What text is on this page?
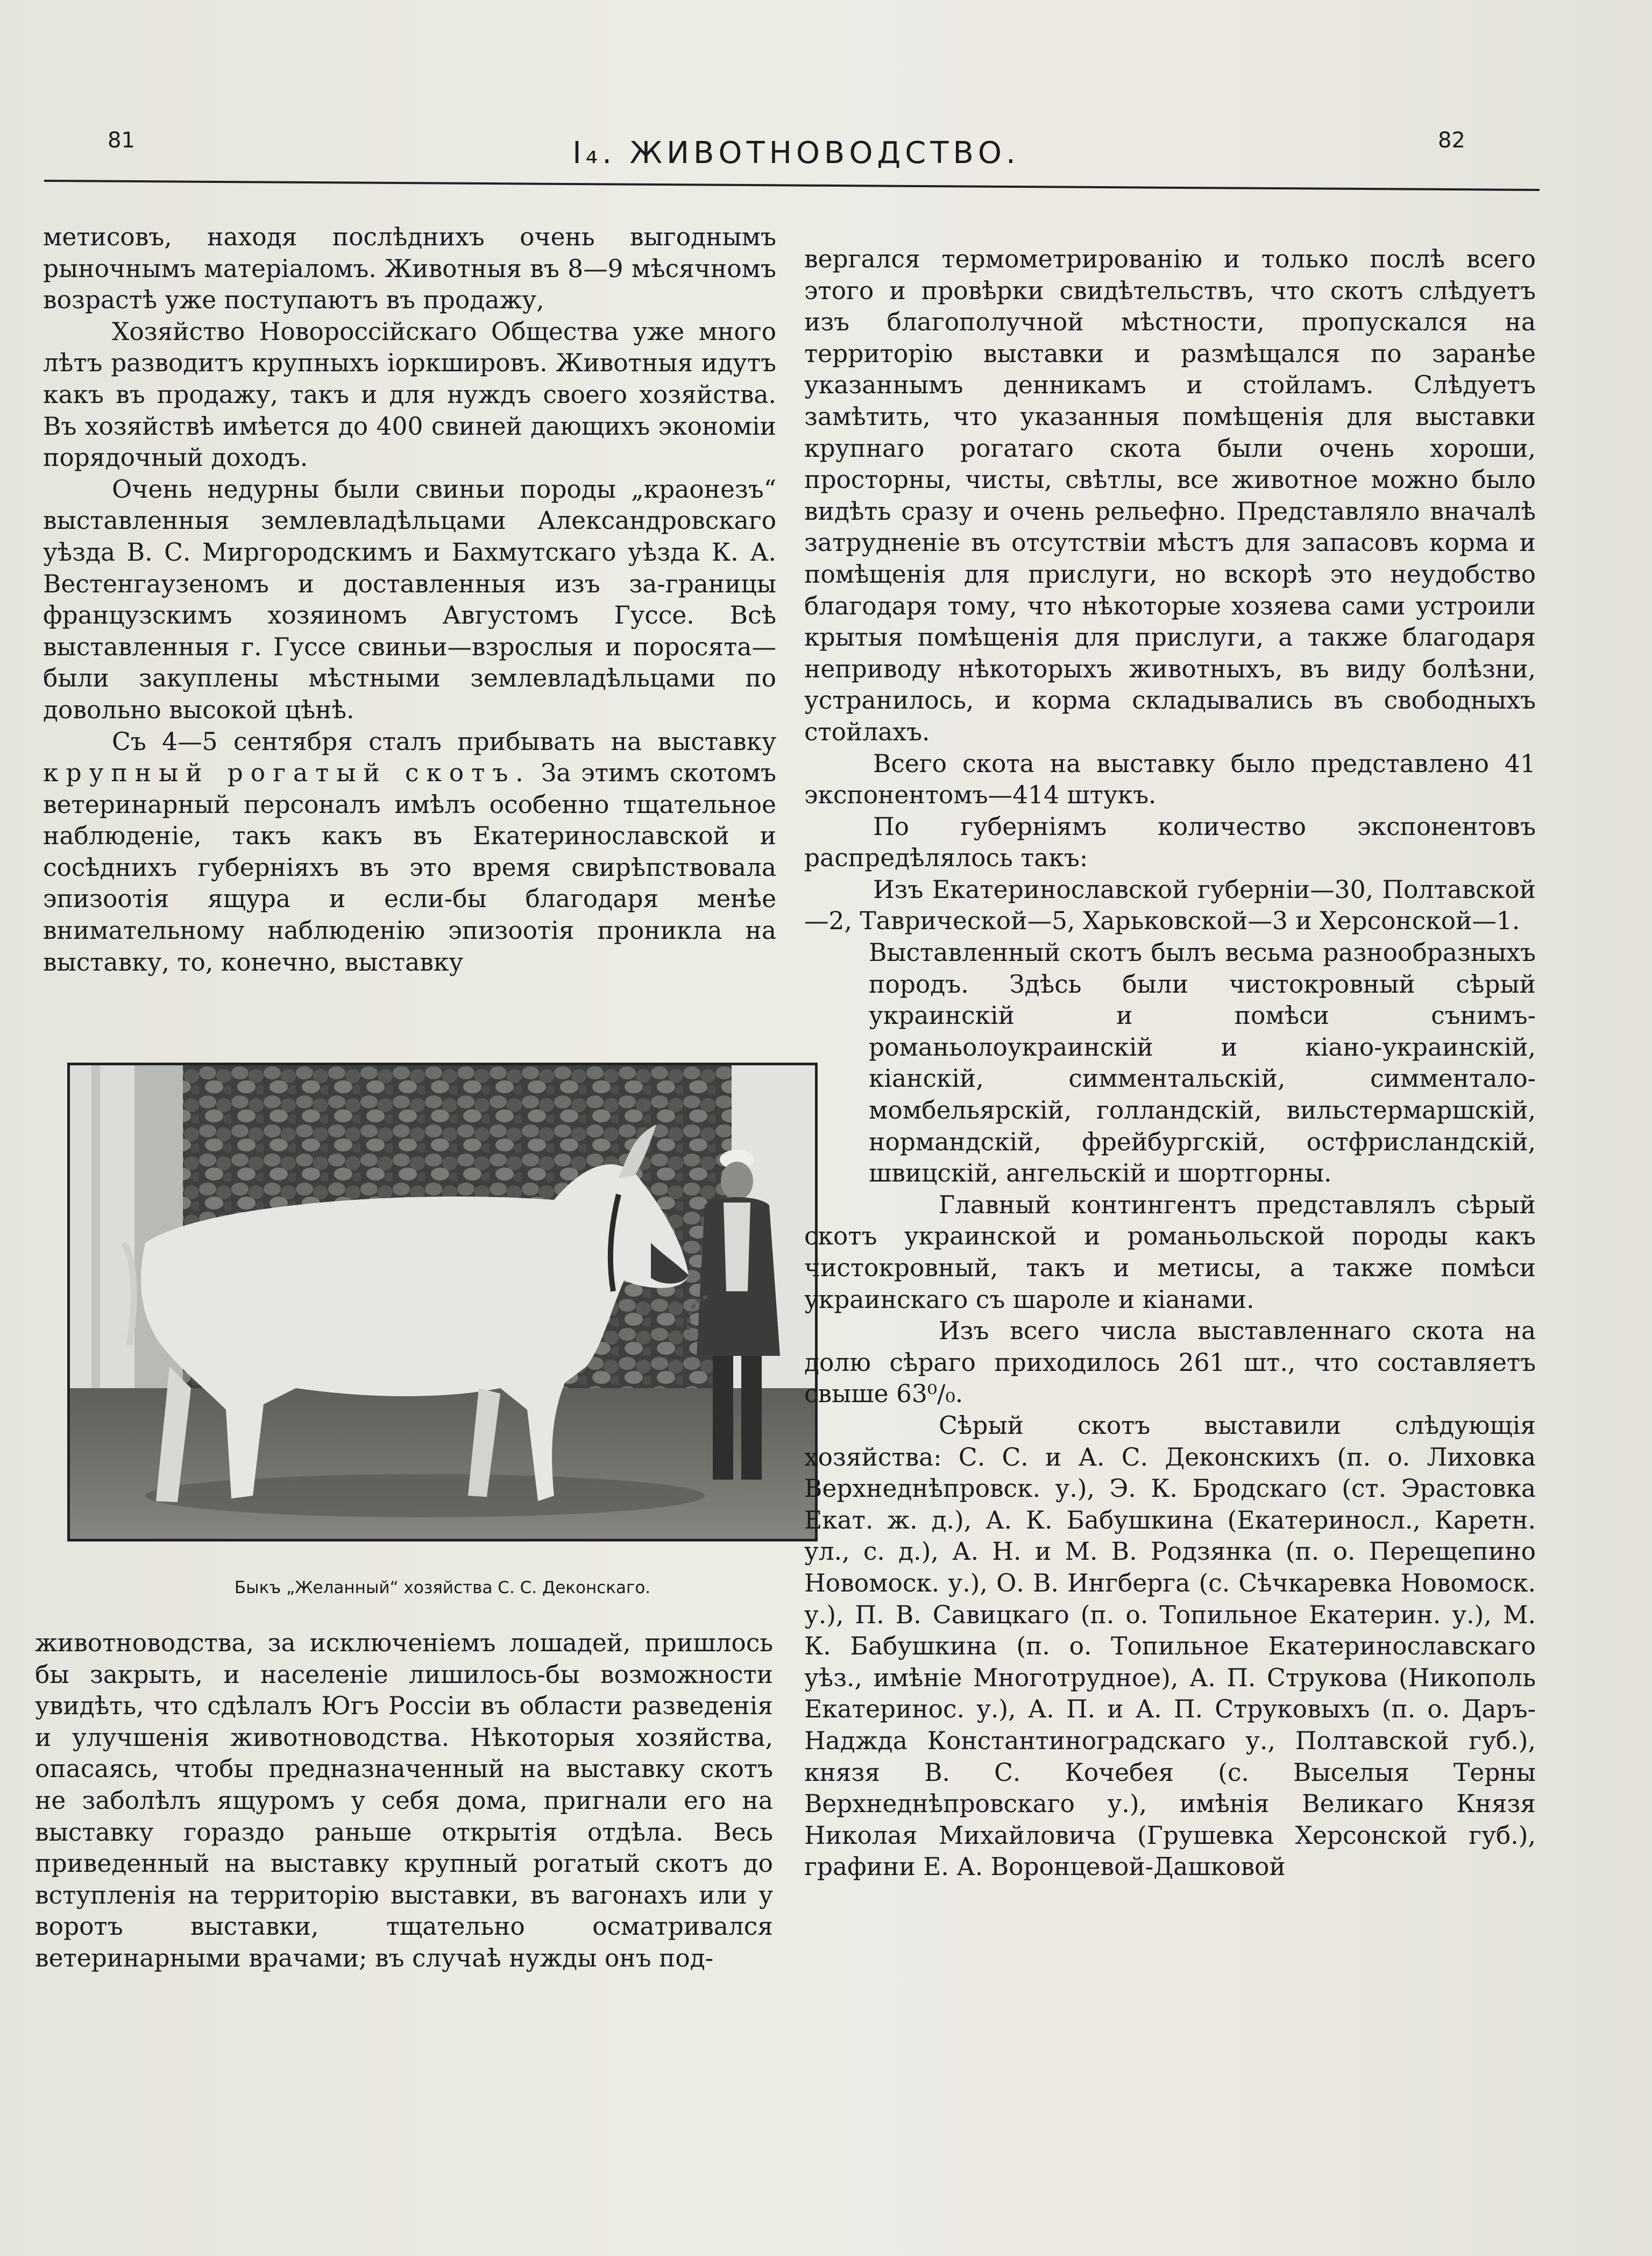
81	I₄. ЖИВОТНОВОДСТВО.	82

метисовъ, находя послѣднихъ очень выгоднымъ рыночнымъ матеріаломъ. Животныя въ 8—9 мѣсячномъ возрастѣ уже поступаютъ въ продажу,

Хозяйство Новороссійскаго Общества уже много лѣтъ разводитъ крупныхъ іоркшировъ. Животныя идутъ какъ въ продажу, такъ и для нуждъ своего хозяйства. Въ хозяйствѣ имѣется до 400 свиней дающихъ экономіи порядочный доходъ.

Очень недурны были свиньи породы „краонезъ“ выставленныя землевладѣльцами Александровскаго уѣзда В. С. Миргородскимъ и Бахмутскаго уѣзда К. А. Вестенгаузеномъ и доставленныя изъ за-границы французскимъ хозяиномъ Августомъ Гуссе. Всѣ выставленныя г. Гуссе свиньи—взрослыя и поросята—были закуплены мѣстными землевладѣльцами по довольно высокой цѣнѣ.

Съ 4—5 сентября сталъ прибывать на выставку крупный рогатый скотъ. За этимъ скотомъ ветеринарный персоналъ имѣлъ особенно тщательное наблюденіе, такъ какъ въ Екатеринославской и сосѣднихъ губерніяхъ въ это время свирѣпствовала эпизоотія ящура и если-бы благодаря менѣе внимательному наблюденію эпизоотія проникла на выставку, то, конечно, выставку

Быкъ „Желанный“ хозяйства С. С. Деконскаго.

животноводства, за исключеніемъ лошадей, пришлось бы закрыть, и населеніе лишилось-бы возможности увидѣть, что сдѣлалъ Югъ Россіи въ области разведенія и улучшенія животноводства. Нѣкоторыя хозяйства, опасаясь, чтобы предназначенный на выставку скотъ не заболѣлъ ящуромъ у себя дома, пригнали его на выставку гораздо раньше открытія отдѣла. Весь приведенный на выставку крупный рогатый скотъ до вступленія на территорію выставки, въ вагонахъ или у воротъ выставки, тщательно осматривался ветеринарными врачами; въ случаѣ нужды онъ под-

вергался термометрированію и только послѣ всего этого и провѣрки свидѣтельствъ, что скотъ слѣдуетъ изъ благополучной мѣстности, пропускался на территорію выставки и размѣщался по заранѣе указаннымъ денникамъ и стойламъ. Слѣдуетъ замѣтить, что указанныя помѣщенія для выставки крупнаго рогатаго скота были очень хороши, просторны, чисты, свѣтлы, все животное можно было видѣть сразу и очень рельефно. Представляло вначалѣ затрудненіе въ отсутствіи мѣстъ для запасовъ корма и помѣщенія для прислуги, но вскорѣ это неудобство благодаря тому, что нѣкоторые хозяева сами устроили крытыя помѣщенія для прислуги, а также благодаря неприводу нѣкоторыхъ животныхъ, въ виду болѣзни, устранилось, и корма складывались въ свободныхъ стойлахъ.

Всего скота на выставку было представлено 41 экспонентомъ—414 штукъ.

По губерніямъ количество экспонентовъ распредѣлялось такъ:

Изъ Екатеринославской губерніи—30, Полтавской—2, Таврической—5, Харьковской—3 и Херсонской—1.

Выставленный скотъ былъ весьма разнообразныхъ породъ. Здѣсь были чистокровный сѣрый украинскій и помѣси сънимъ-романьолоукраинскій и кіано-украинскій, кіанскій, симментальскій, симменталo-момбельярскій, голландскій, вильстермаршскій, нормандскій, фрейбургскій, остфрисландскій, швицскій, ангельскій и шортгорны.

Главный контингентъ представлялъ сѣрый скотъ украинской и романьольской породы какъ чистокровный, такъ и метисы, а также помѣси украинскаго съ шароле и кіанами.

Изъ всего числа выставленнаго скота на долю сѣраго приходилось 261 шт., что составляетъ свыше 63⁰/₀.

Сѣрый скотъ выставили слѣдующія хозяйства: С. С. и А. С. Деконскихъ (п. о. Лиховка Верхнеднѣпровск. у.), Э. К. Бродскаго (ст. Эрастовка Екат. ж. д.), А. К. Бабушкина (Екатериносл., Каретн. ул., с. д.), А. Н. и М. В. Родзянка (п. о. Перещепино Новомоск. у.), О. В. Ингберга (с. Сѣчкаревка Новомоск. у.), П. В. Савицкаго (п. о. Топильное Екатерин. у.), М. К. Бабушкина (п. о. Топильное Екатеринославскаго уѣз., имѣніе Многотрудное), А. П. Струкова (Никополь Екатеринос. у.), А. П. и А. П. Струковыхъ (п. о. Даръ-Наджда Константиноградскаго у., Полтавской губ.), князя В. С. Кочебея (с. Выселыя Терны Верхнеднѣпровскаго у.), имѣнія Великаго Князя Николая Михайловича (Грушевка Херсонской губ.), графини Е. А. Воронцевой-Дашковой
